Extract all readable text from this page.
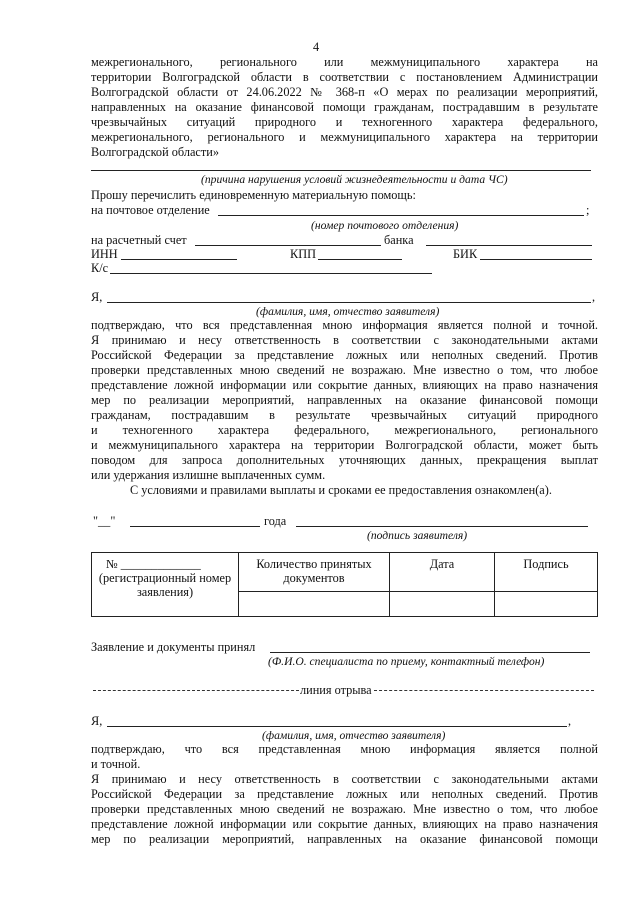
4
межрегионального, регионального или межмуниципального характера на
территории Волгоградской области в соответствии с постановлением Администрации
Волгоградской области от 24.06.2022 № 368-п «О мерах по реализации мероприятий,
направленных на оказание финансовой помощи гражданам, пострадавшим в результате
чрезвычайных ситуаций природного и техногенного характера федерального,
межрегионального, регионального и межмуниципального характера на территории
Волгоградской области»
(причина нарушения условий жизнедеятельности и дата ЧС)
Прошу перечислить единовременную материальную помощь:
на почтовое отделение	;
(номер почтового отделения)
на расчетный счет	банка
ИНН	КПП	БИК
К/с
Я,	,
(фамилия, имя, отчество заявителя)
подтверждаю, что вся представленная мною информация является полной и точной.
Я принимаю и несу ответственность в соответствии с законодательными актами
Российской Федерации за представление ложных или неполных сведений. Против
проверки представленных мною сведений не возражаю. Мне известно о том, что любое
представление ложной информации или сокрытие данных, влияющих на право назначения
мер по реализации мероприятий, направленных на оказание финансовой помощи
гражданам, пострадавшим в результате чрезвычайных ситуаций природного
и техногенного характера федерального, межрегионального, регионального
и межмуниципального характера на территории Волгоградской области, может быть
поводом для запроса дополнительных уточняющих данных, прекращения выплат
или удержания излишне выплаченных сумм.
С условиями и правилами выплаты и сроками ее предоставления ознакомлен(а).
"__"	года
(подпись заявителя)
№ _____________
(регистрационный номер заявления)	Количество принятых документов	Дата	Подпись

Заявление и документы принял
(Ф.И.О. специалиста по приему, контактный телефон)
линия отрыва
Я,	,
(фамилия, имя, отчество заявителя)
подтверждаю, что вся представленная мною информация является полной
и точной.
Я принимаю и несу ответственность в соответствии с законодательными актами
Российской Федерации за представление ложных или неполных сведений. Против
проверки представленных мною сведений не возражаю. Мне известно о том, что любое
представление ложной информации или сокрытие данных, влияющих на право назначения
мер по реализации мероприятий, направленных на оказание финансовой помощи
